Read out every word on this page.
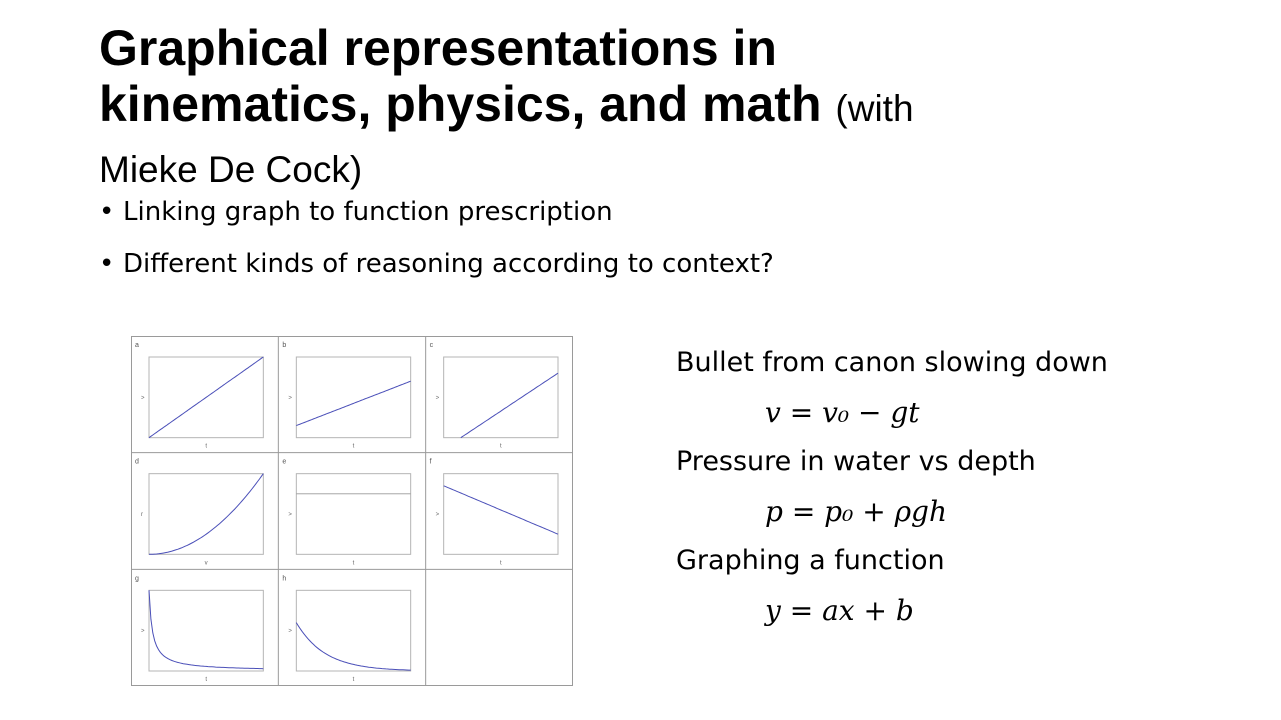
Graphical representations in
kinematics, physics, and math (with
Mieke De Cock)
• Linking graph to function prescription
• Different kinds of reasoning according to context?
a
t
>
b
t
>
c
t
>
d
v
r
e
t
>
f
t
>
g
t
>
h
t
>
Bullet from canon slowing down
v = v₀ − gt
Pressure in water vs depth
p = p₀ + ρgh
Graphing a function
y = ax + b
